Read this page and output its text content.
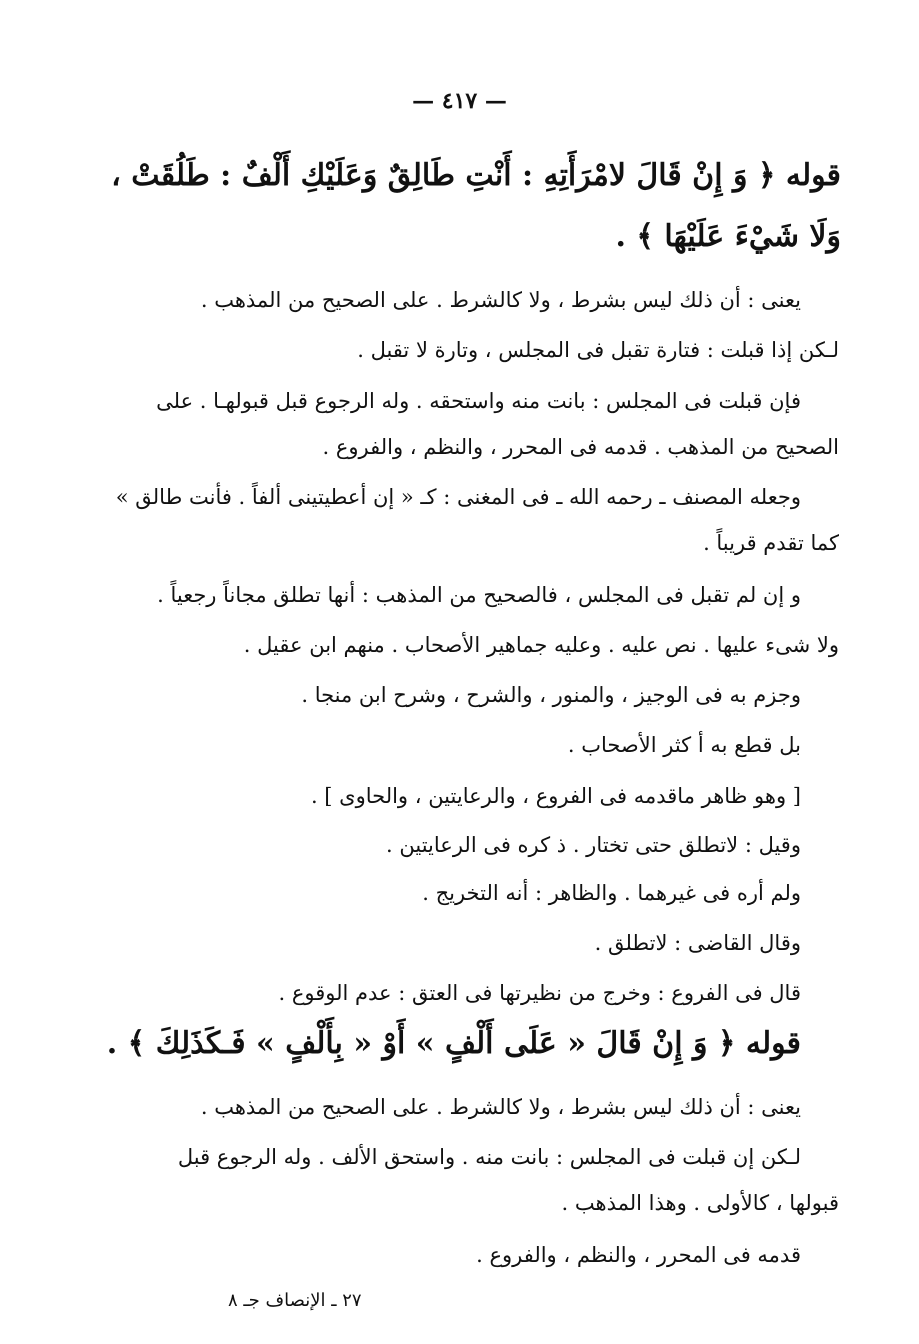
— ٤١٧ —
قوله ﴿ وَ إِنْ قَالَ لامْرَأَتِهِ : أَنْتِ طَالِقٌ وَعَلَيْكِ أَلْفٌ : طَلُقَتْ ،
وَلَا شَيْءَ عَلَيْهَا ﴾ .
يعنى : أن ذلك ليس بشرط ، ولا كالشرط . على الصحيح من المذهب .
لـكن إذا قبلت : فتارة تقبل فى المجلس ، وتارة لا تقبل .
فإن قبلت فى المجلس : بانت منه واستحقه . وله الرجوع قبل قبولهـا . على
الصحيح من المذهب . قدمه فى المحرر ، والنظم ، والفروع .
وجعله المصنف ـ رحمه الله ـ فى المغنى : كـ « إن أعطيتينى ألفاً . فأنت طالق »
كما تقدم قريباً .
و إن لم تقبل فى المجلس ، فالصحيح من المذهب : أنها تطلق مجاناً رجعياً .
ولا شىء عليها . نص عليه . وعليه جماهير الأصحاب . منهم ابن عقيل .
وجزم به فى الوجيز ، والمنور ، والشرح ، وشرح ابن منجا .
بل قطع به أ كثر الأصحاب .
[ وهو ظاهر ماقدمه فى الفروع ، والرعايتين ، والحاوى ] .
وقيل : لاتطلق حتى تختار . ذ كره فى الرعايتين .
ولم أره فى غيرهما . والظاهر : أنه التخريج .
وقال القاضى : لاتطلق .
قال فى الفروع : وخرج من نظيرتها فى العتق : عدم الوقوع .
قوله ﴿ وَ إِنْ قَالَ « عَلَى أَلْفٍ » أَوْ « بِأَلْفٍ » فَـكَذَلِكَ ﴾ .
يعنى : أن ذلك ليس بشرط ، ولا كالشرط . على الصحيح من المذهب .
لـكن إن قبلت فى المجلس : بانت منه . واستحق الألف . وله الرجوع قبل
قبولها ، كالأولى . وهذا المذهب .
قدمه فى المحرر ، والنظم ، والفروع .
٢٧ ـ الإنصاف جـ ٨
